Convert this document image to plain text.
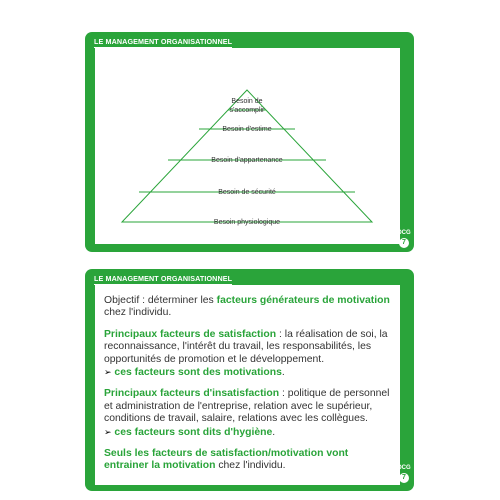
LE MANAGEMENT ORGANISATIONNEL
Besoin de
s'accomplir
Besoin d'estime
Besoin d'appartenance
Besoin de sécurité
Besoin physiologique
DCG
7
LE MANAGEMENT ORGANISATIONNEL

Objectif : déterminer les facteurs générateurs de motivation chez l'individu.

Principaux facteurs de satisfaction : la réalisation de soi, la reconnaissance, l'intérêt du travail, les responsabilités, les opportunités de promotion et le développement.
➢ ces facteurs sont des motivations.

Principaux facteurs d'insatisfaction : politique de personnel et administration de l'entreprise, relation avec le supérieur, conditions de travail, salaire, relations avec les collègues.
➢ ces facteurs sont dits d'hygiène.

Seuls les facteurs de satisfaction/motivation vont entrainer la motivation chez l'individu.	DCG
7
